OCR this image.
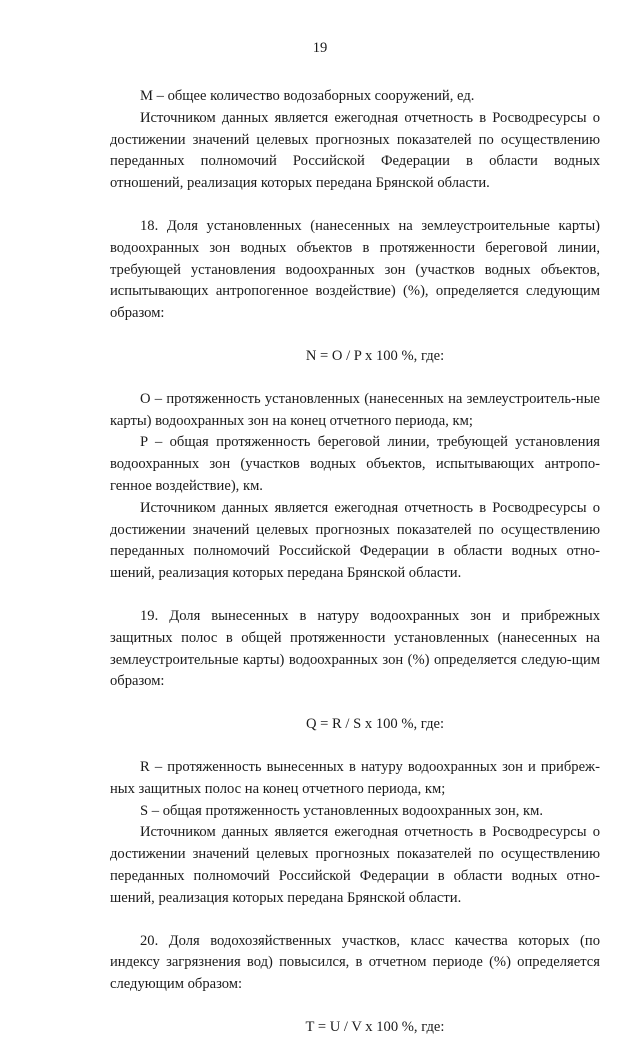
19

M – общее количество водозаборных сооружений, ед.

Источником данных является ежегодная отчетность в Росводресурсы о достижении значений целевых прогнозных показателей по осуществлению переданных полномочий Российской Федерации в области водных отношений, реализация которых передана Брянской области.

18. Доля установленных (нанесенных на землеустроительные карты) водоохранных зон водных объектов в протяженности береговой линии, требующей установления водоохранных зон (участков водных объектов, испытывающих антропогенное воздействие) (%), определяется следующим образом:

N = O / P x 100 %, где:

O – протяженность установленных (нанесенных на землеустроитель-ные карты) водоохранных зон на конец отчетного периода, км;

P – общая протяженность береговой линии, требующей установления водоохранных зон (участков водных объектов, испытывающих антропо-генное воздействие), км.

Источником данных является ежегодная отчетность в Росводресурсы о достижении значений целевых прогнозных показателей по осуществлению переданных полномочий Российской Федерации в области водных отно-шений, реализация которых передана Брянской области.

19. Доля вынесенных в натуру водоохранных зон и прибрежных защитных полос в общей протяженности установленных (нанесенных на землеустроительные карты) водоохранных зон (%) определяется следую-щим образом:

Q = R / S x 100 %, где:

R – протяженность вынесенных в натуру водоохранных зон и прибреж-ных защитных полос на конец отчетного периода, км;

S – общая протяженность установленных водоохранных зон, км.

Источником данных является ежегодная отчетность в Росводресурсы о достижении значений целевых прогнозных показателей по осуществлению переданных полномочий Российской Федерации в области водных отно-шений, реализация которых передана Брянской области.

20. Доля водохозяйственных участков, класс качества которых (по индексу загрязнения вод) повысился, в отчетном периоде (%) определяется следующим образом:

T = U / V x 100 %, где:
